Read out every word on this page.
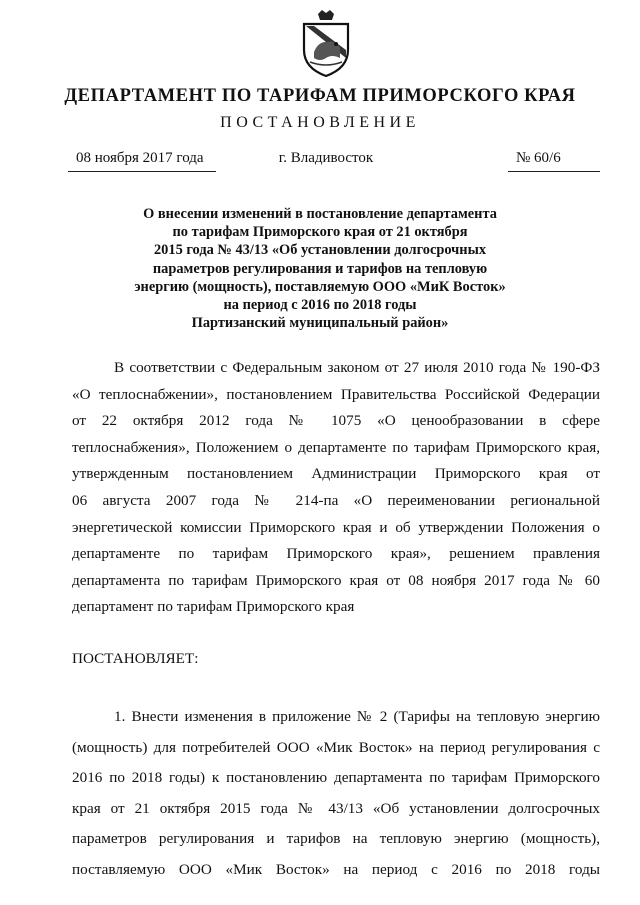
ДЕПАРТАМЕНТ ПО ТАРИФАМ ПРИМОРСКОГО КРАЯ
ПОСТАНОВЛЕНИЕ
08 ноября 2017 года	г. Владивосток	№ 60/6
О внесении изменений в постановление департамента
по тарифам Приморского края от 21 октября
2015 года № 43/13 «Об установлении долгосрочных
параметров регулирования и тарифов на тепловую
энергию (мощность), поставляемую ООО «МиК Восток»
на период с 2016 по 2018 годы
Партизанский муниципальный район»
В соответствии с Федеральным законом от 27 июля 2010 года № 190-ФЗ
«О теплоснабжении», постановлением Правительства Российской Федерации
от 22 октября 2012 года № 1075 «О ценообразовании в сфере
теплоснабжения», Положением о департаменте по тарифам Приморского края,
утвержденным постановлением Администрации Приморского края от
06 августа 2007 года № 214-па «О переименовании региональной
энергетической комиссии Приморского края и об утверждении Положения о
департаменте по тарифам Приморского края», решением правления
департамента по тарифам Приморского края от 08 ноября 2017 года № 60
департамент по тарифам Приморского края
ПОСТАНОВЛЯЕТ:
1. Внести изменения в приложение № 2 (Тарифы на тепловую энергию
(мощность) для потребителей ООО «Мик Восток» на период регулирования с
2016 по 2018 годы) к постановлению департамента по тарифам Приморского
края от 21 октября 2015 года № 43/13 «Об установлении долгосрочных
параметров регулирования и тарифов на тепловую энергию (мощность),
поставляемую ООО «Мик Восток» на период с 2016 по 2018 годы
